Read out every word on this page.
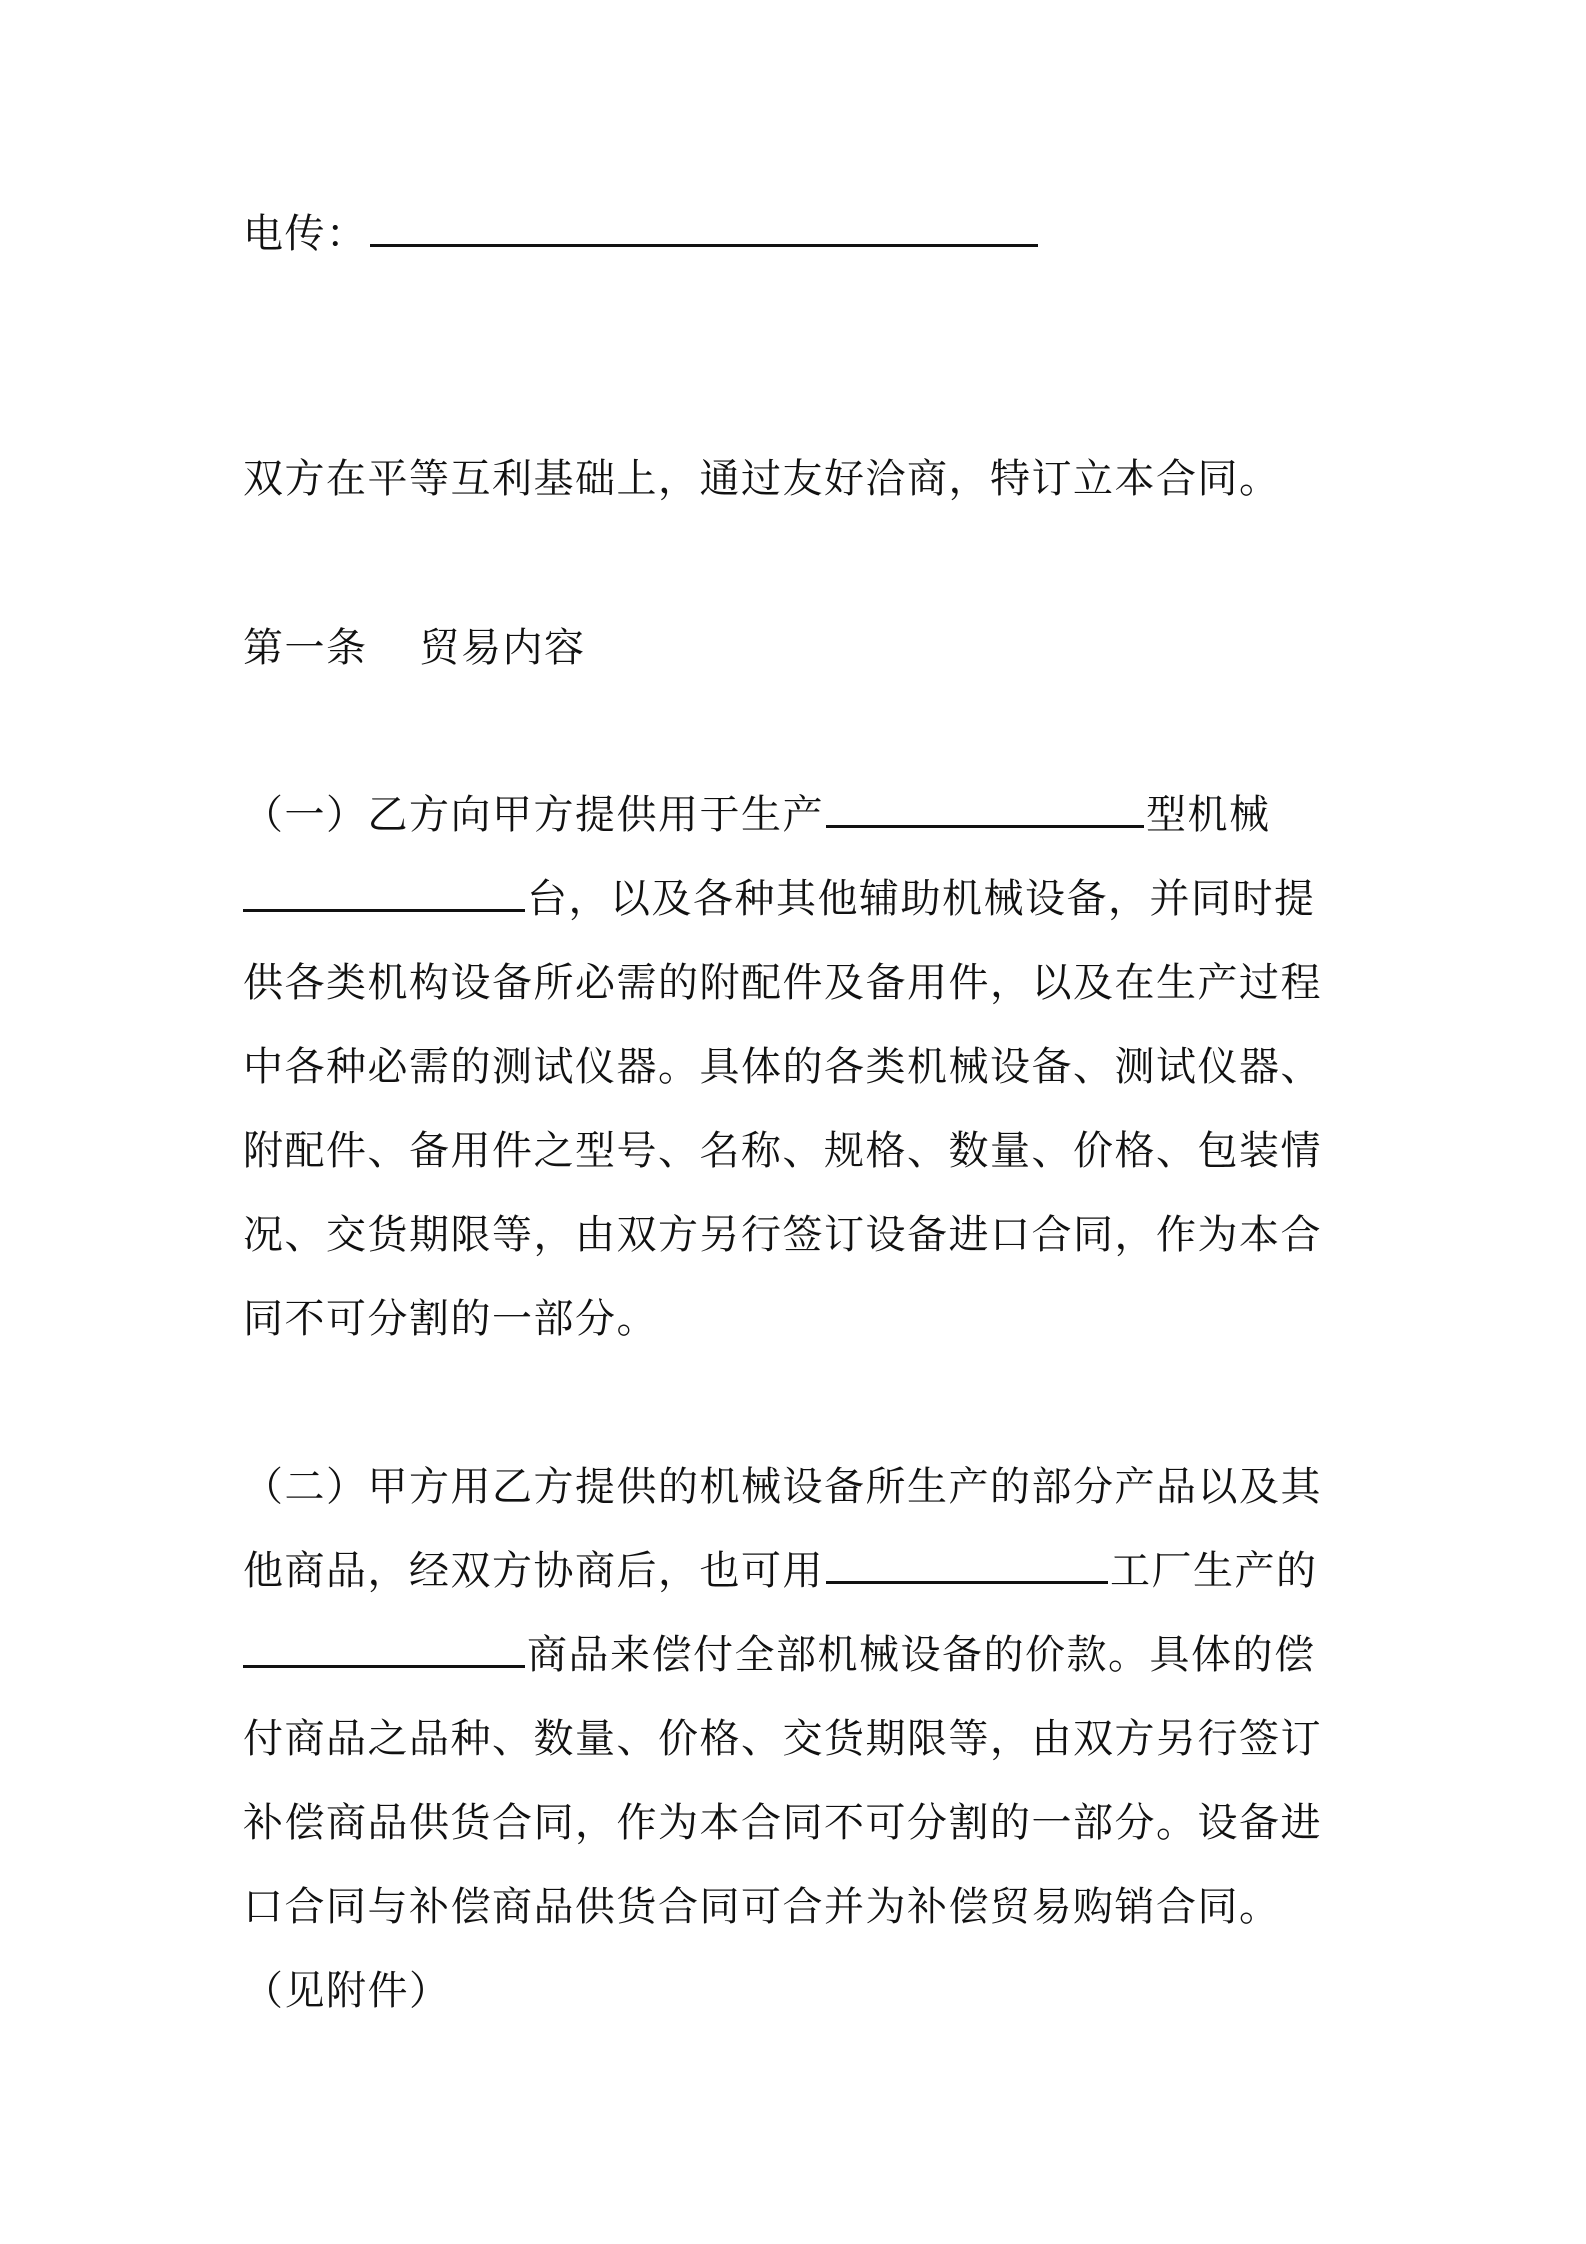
电传：
双方在平等互利基础上，通过友好洽商，特订立本合同。
第一条 贸易内容
（一）乙方向甲方提供用于生产	型机械
台，以及各种其他辅助机械设备，并同时提
供各类机构设备所必需的附配件及备用件，以及在生产过程
中各种必需的测试仪器。具体的各类机械设备、测试仪器、
附配件、备用件之型号、名称、规格、数量、价格、包装情
况、交货期限等，由双方另行签订设备进口合同，作为本合
同不可分割的一部分。
（二）甲方用乙方提供的机械设备所生产的部分产品以及其
他商品，经双方协商后，也可用	工厂生产的
商品来偿付全部机械设备的价款。具体的偿
付商品之品种、数量、价格、交货期限等，由双方另行签订
补偿商品供货合同，作为本合同不可分割的一部分。设备进
口合同与补偿商品供货合同可合并为补偿贸易购销合同。
（见附件）
